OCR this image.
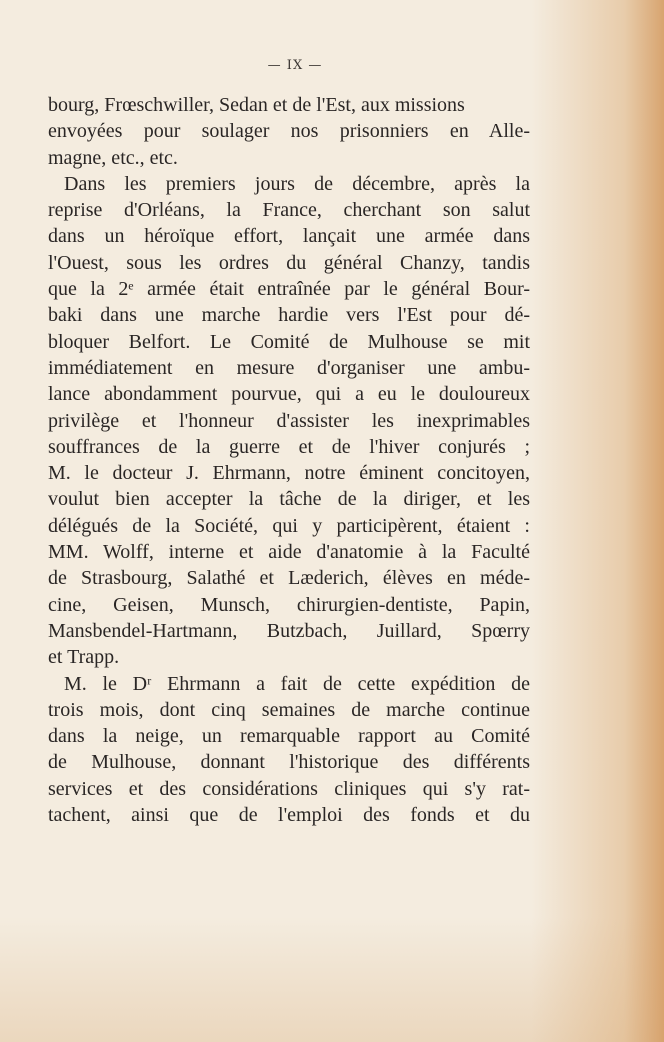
— IX —
bourg, Frœschwiller, Sedan et de l'Est, aux missions
envoyées pour soulager nos prisonniers en Alle-
magne, etc., etc.
Dans les premiers jours de décembre, après la
reprise d'Orléans, la France, cherchant son salut
dans un héroïque effort, lançait une armée dans
l'Ouest, sous les ordres du général Chanzy, tandis
que la 2ᵉ armée était entraînée par le général Bour-
baki dans une marche hardie vers l'Est pour dé-
bloquer Belfort. Le Comité de Mulhouse se mit
immédiatement en mesure d'organiser une ambu-
lance abondamment pourvue, qui a eu le douloureux
privilège et l'honneur d'assister les inexprimables
souffrances de la guerre et de l'hiver conjurés ;
M. le docteur J. Ehrmann, notre éminent concitoyen,
voulut bien accepter la tâche de la diriger, et les
délégués de la Société, qui y participèrent, étaient :
MM. Wolff, interne et aide d'anatomie à la Faculté
de Strasbourg, Salathé et Læderich, élèves en méde-
cine, Geisen, Munsch, chirurgien-dentiste, Papin,
Mansbendel-Hartmann, Butzbach, Juillard, Spœrry
et Trapp.
M. le Dʳ Ehrmann a fait de cette expédition de
trois mois, dont cinq semaines de marche continue
dans la neige, un remarquable rapport au Comité
de Mulhouse, donnant l'historique des différents
services et des considérations cliniques qui s'y rat-
tachent, ainsi que de l'emploi des fonds et du
